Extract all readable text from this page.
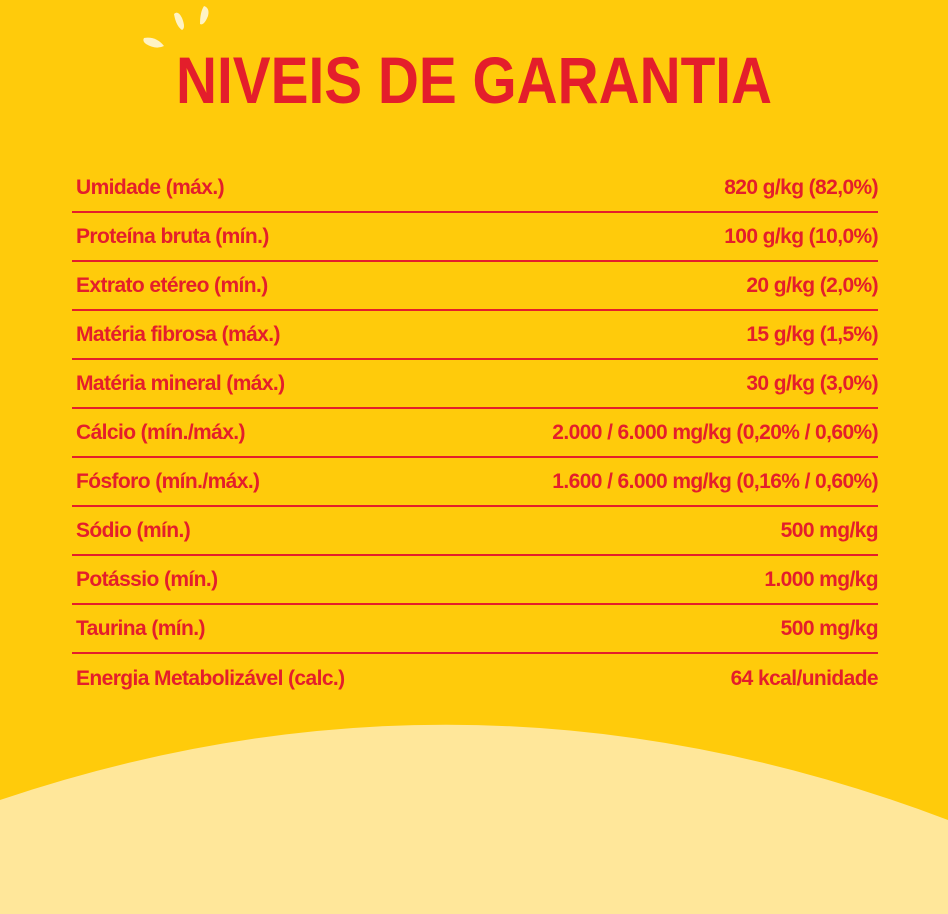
NIVEIS DE GARANTIA
Umidade (máx.)	820 g/kg (82,0%)
Proteína bruta (mín.)	100 g/kg (10,0%)
Extrato etéreo (mín.)	20 g/kg (2,0%)
Matéria fibrosa (máx.)	15 g/kg (1,5%)
Matéria mineral (máx.)	30 g/kg (3,0%)
Cálcio (mín./máx.)	2.000 / 6.000 mg/kg (0,20% / 0,60%)
Fósforo (mín./máx.)	1.600 / 6.000 mg/kg (0,16% / 0,60%)
Sódio (mín.)	500 mg/kg
Potássio (mín.)	1.000 mg/kg
Taurina (mín.)	500 mg/kg
Energia Metabolizável (calc.)	64 kcal/unidade
